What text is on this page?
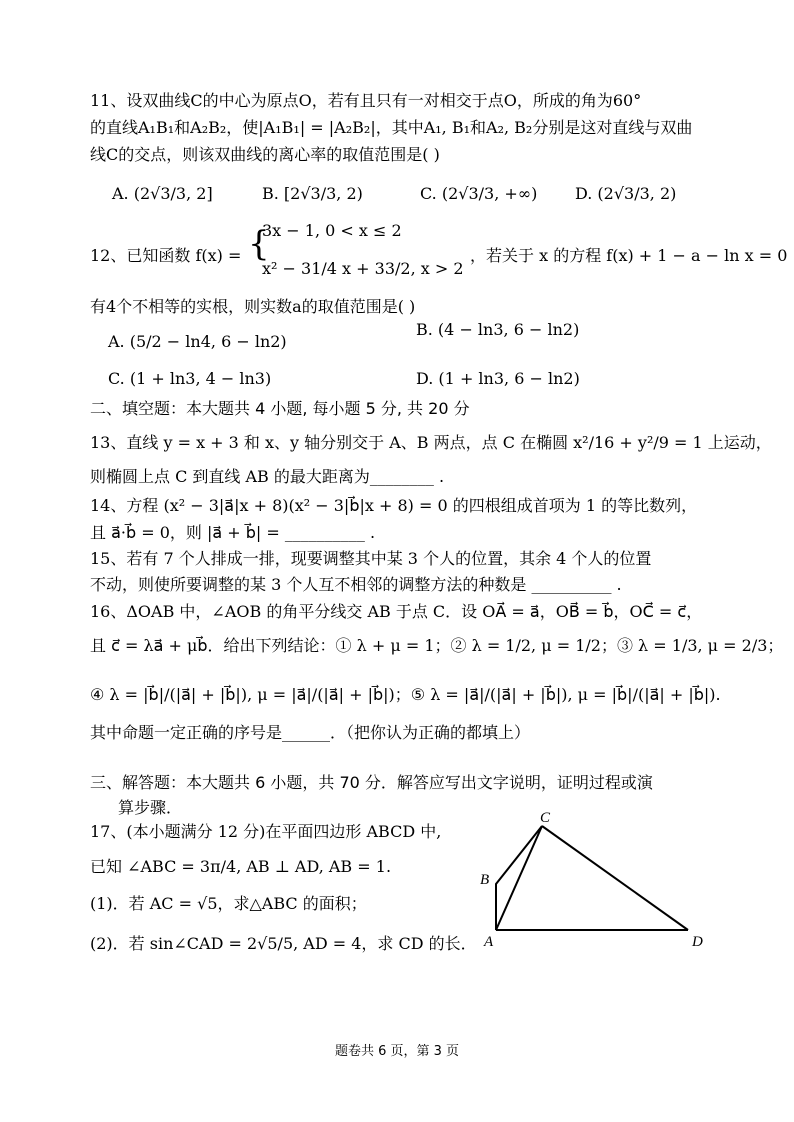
11、设双曲线C的中心为原点O，若有且只有一对相交于点O，所成的角为60°
的直线A₁B₁和A₂B₂，使|A₁B₁| = |A₂B₂|，其中A₁, B₁和A₂, B₂分别是这对直线与双曲
线C的交点，则该双曲线的离心率的取值范围是( )
A. (2√3/3, 2]	B. [2√3/3, 2)	C. (2√3/3, +∞) D. (2√3/3, 2)
12、已知函数 f(x) = {
3x − 1, 0 < x ≤ 2
x² − 31/4 x + 33/2, x > 2
，若关于 x 的方程 f(x) + 1 − a − ln x = 0
有4个不相等的实根，则实数a的取值范围是( )
A. (5/2 − ln4, 6 − ln2)
B. (4 − ln3, 6 − ln2)
C. (1 + ln3, 4 − ln3)	D. (1 + ln3, 6 − ln2)
二、填空题：本大题共 4 小题, 每小题 5 分, 共 20 分
13、直线 y = x + 3 和 x、y 轴分别交于 A、B 两点，点 C 在椭圆 x²/16 + y²/9 = 1 上运动，
则椭圆上点 C 到直线 AB 的最大距离为________ .
14、方程 (x² − 3|a⃗|x + 8)(x² − 3|b⃗|x + 8) = 0 的四根组成首项为 1 的等比数列，
且 a⃗·b⃗ = 0，则 |a⃗ + b⃗| = __________ .
15、若有 7 个人排成一排，现要调整其中某 3 个人的位置，其余 4 个人的位置
不动，则使所要调整的某 3 个人互不相邻的调整方法的种数是 __________ .
16、ΔOAB 中，∠AOB 的角平分线交 AB 于点 C．设 OA⃗ = a⃗，OB⃗ = b⃗，OC⃗ = c⃗，
且 c⃗ = λa⃗ + μb⃗．给出下列结论：① λ + μ = 1；② λ = 1/2, μ = 1/2；③ λ = 1/3, μ = 2/3；
④ λ = |b⃗|/(|a⃗| + |b⃗|), μ = |a⃗|/(|a⃗| + |b⃗|)；⑤ λ = |a⃗|/(|a⃗| + |b⃗|), μ = |b⃗|/(|a⃗| + |b⃗|).
其中命题一定正确的序号是______．（把你认为正确的都填上）
三、解答题：本大题共 6 小题，共 70 分．解答应写出文字说明，证明过程或演
算步骤．
17、(本小题满分 12 分)在平面四边形 ABCD 中,
已知 ∠ABC = 3π/4, AB ⊥ AD, AB = 1.
(1)．若 AC = √5，求△ABC 的面积；
(2)．若 sin∠CAD = 2√5/5, AD = 4，求 CD 的长． A
B
C
D
题卷共 6 页，第 3 页
